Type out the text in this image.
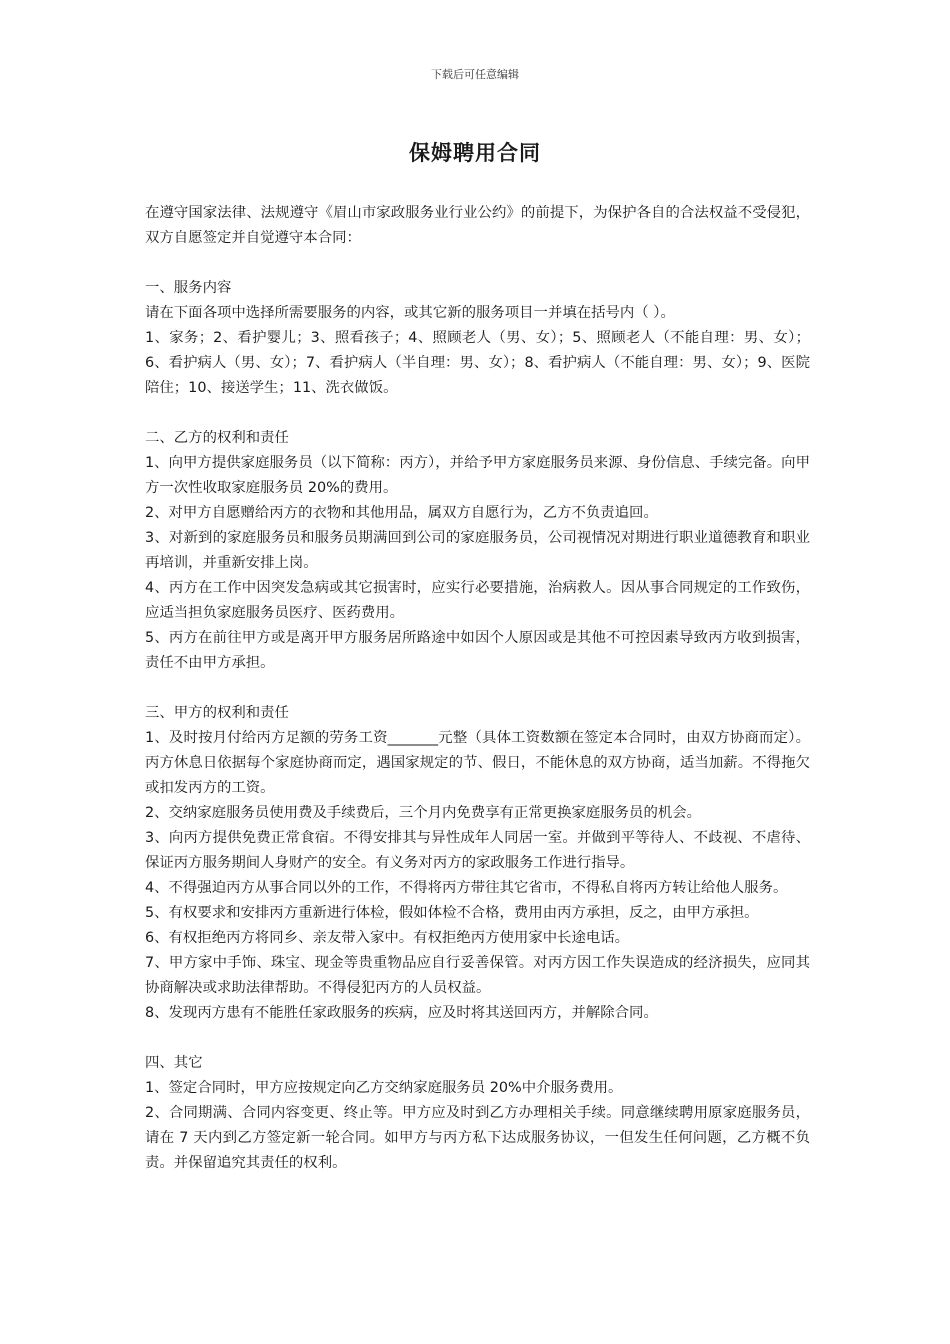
下载后可任意编辑
保姆聘用合同

在遵守国家法律、法规遵守《眉山市家政服务业行业公约》的前提下，为保护各自的合法权益不受侵犯，双方自愿签定并自觉遵守本合同：

一、服务内容

请在下面各项中选择所需要服务的内容，或其它新的服务项目一并填在括号内（ ）。

1、家务；2、看护婴儿；3、照看孩子；4、照顾老人（男、女）；5、照顾老人（不能自理：男、女）；6、看护病人（男、女）；7、看护病人（半自理：男、女）；8、看护病人（不能自理：男、女）；9、医院陪住；10、接送学生；11、洗衣做饭。

二、乙方的权利和责任

1、向甲方提供家庭服务员（以下简称：丙方），并给予甲方家庭服务员来源、身份信息、手续完备。向甲方一次性收取家庭服务员 20%的费用。

2、对甲方自愿赠给丙方的衣物和其他用品，属双方自愿行为，乙方不负责追回。

3、对新到的家庭服务员和服务员期满回到公司的家庭服务员，公司视情况对期进行职业道德教育和职业再培训，并重新安排上岗。

4、丙方在工作中因突发急病或其它损害时，应实行必要措施，治病救人。因从事合同规定的工作致伤，应适当担负家庭服务员医疗、医药费用。

5、丙方在前往甲方或是离开甲方服务居所路途中如因个人原因或是其他不可控因素导致丙方收到损害，责任不由甲方承担。

三、甲方的权利和责任

1、及时按月付给丙方足额的劳务工资_______元整（具体工资数额在签定本合同时，由双方协商而定）。丙方休息日依据每个家庭协商而定，遇国家规定的节、假日，不能休息的双方协商，适当加薪。不得拖欠或扣发丙方的工资。

2、交纳家庭服务员使用费及手续费后，三个月内免费享有正常更换家庭服务员的机会。

3、向丙方提供免费正常食宿。不得安排其与异性成年人同居一室。并做到平等待人、不歧视、不虐待、保证丙方服务期间人身财产的安全。有义务对丙方的家政服务工作进行指导。

4、不得强迫丙方从事合同以外的工作，不得将丙方带往其它省市，不得私自将丙方转让给他人服务。

5、有权要求和安排丙方重新进行体检，假如体检不合格，费用由丙方承担，反之，由甲方承担。

6、有权拒绝丙方将同乡、亲友带入家中。有权拒绝丙方使用家中长途电话。

7、甲方家中手饰、珠宝、现金等贵重物品应自行妥善保管。对丙方因工作失误造成的经济损失，应同其协商解决或求助法律帮助。不得侵犯丙方的人员权益。

8、发现丙方患有不能胜任家政服务的疾病，应及时将其送回丙方，并解除合同。

四、其它

1、签定合同时，甲方应按规定向乙方交纳家庭服务员 20%中介服务费用。

2、合同期满、合同内容变更、终止等。甲方应及时到乙方办理相关手续。同意继续聘用原家庭服务员，请在 7 天内到乙方签定新一轮合同。如甲方与丙方私下达成服务协议，一但发生任何问题，乙方概不负责。并保留追究其责任的权利。
